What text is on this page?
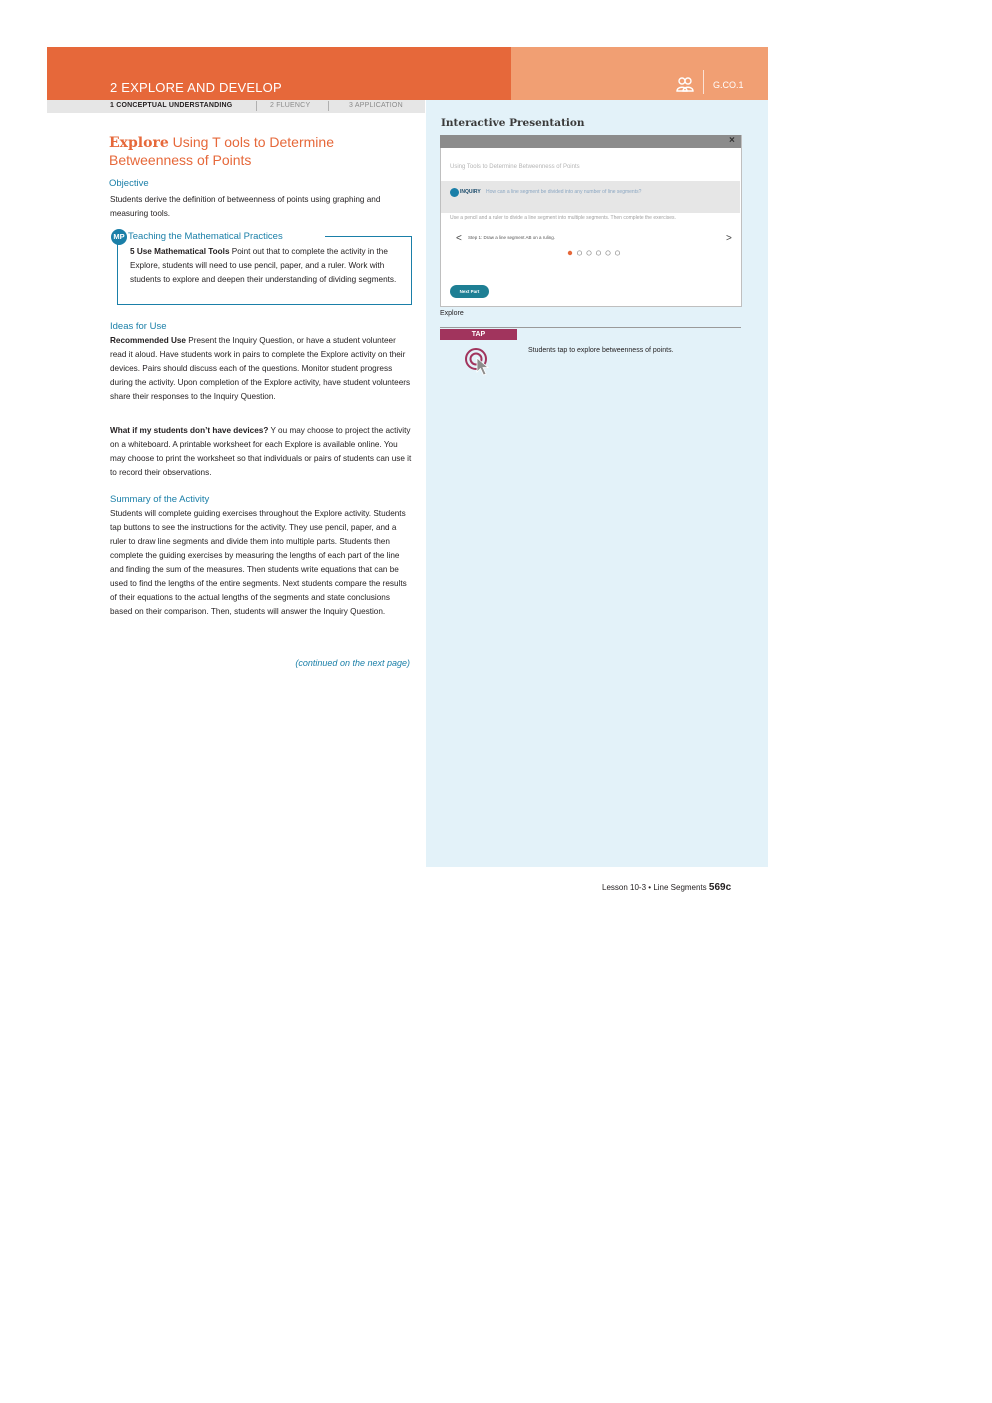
2 EXPLORE AND DEVELOP	G.CO.1
1 CONCEPTUAL UNDERSTANDING	2 FLUENCY	3 APPLICATION
Explore Using T ools to Determine Betweenness of Points
Objective

Students derive the definition of betweenness of points using graphing and measuring tools.

MP Teaching the Mathematical Practices

5 Use Mathematical Tools Point out that to complete the activity in the Explore, students will need to use pencil, paper, and a ruler. Work with students to explore and deepen their understanding of dividing segments.

Ideas for Use

Recommended Use Present the Inquiry Question, or have a student volunteer read it aloud. Have students work in pairs to complete the Explore activity on their devices. Pairs should discuss each of the questions. Monitor student progress during the activity. Upon completion of the Explore activity, have student volunteers share their responses to the Inquiry Question.

What if my students don’t have devices? Y ou may choose to project the activity on a whiteboard. A printable worksheet for each Explore is available online. You may choose to print the worksheet so that individuals or pairs of students can use it to record their observations.

Summary of the Activity

Students will complete guiding exercises throughout the Explore activity. Students tap buttons to see the instructions for the activity. They use pencil, paper, and a ruler to draw line segments and divide them into multiple parts. Students then complete the guiding exercises by measuring the lengths of each part of the line and finding the sum of the measures. Then students write equations that can be used to find the lengths of the entire segments. Next students compare the results of their equations to the actual lengths of the segments and state conclusions based on their comparison. Then, students will answer the Inquiry Question.

(continued on the next page)
Interactive Presentation
×
Using Tools to Determine Betweenness of Points
INQUIRY How can a line segment be divided into any number of line segments?
Use a pencil and a ruler to divide a line segment into multiple segments. Then complete the exercises.
< Step 1: Draw a line segment AB on a ruling.	>
Next Part
Explore
TAP
Students tap to explore betweenness of points.
Lesson 10-3 • Line Segments 569c
